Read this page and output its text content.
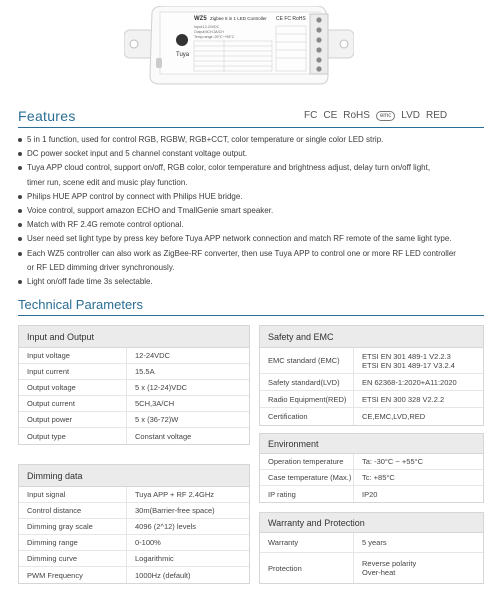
Tuya
WZ5 Zigbee 5 in 1 LED Controller
Input:12-24VDC
Output:5CH,3A/CH
Temp.range:-30°C~+55°C
CE FC RoHS
Features	FC CE RoHS	emc	LVD RED
5 in 1 function, used for control RGB, RGBW, RGB+CCT, color temperature or single color LED strip.
DC power socket input and 5 channel constant voltage output.
Tuya APP cloud control, support on/off, RGB color, color temperature and brightness adjust, delay turn on/off light,
timer run, scene edit and music play function.
Philips HUE APP control by connect with Philips HUE bridge.
Voice control, support amazon ECHO and TmallGenie smart speaker.
Match with RF 2.4G remote control optional.
User need set light type by press key before Tuya APP network connection and match RF remote of the same light type.
Each WZ5 controller can also work as ZigBee-RF converter, then use Tuya APP to control one or more RF LED controller
or RF LED dimming driver synchronously.
Light on/off fade time 3s selectable.
Technical Parameters
Input and Output
Input voltage	12-24VDC
Input current	15.5A
Output voltage	5 x (12-24)VDC
Output current	5CH,3A/CH
Output power	5 x (36-72)W
Output type	Constant voltage
Dimming data
Input signal	Tuya APP + RF 2.4GHz
Control distance	30m(Barrier-free space)
Dimming gray scale	4096 (2^12) levels
Dimming range	0-100%
Dimming curve	Logarithmic
PWM Frequency	1000Hz (default)
Safety and EMC
EMC standard (EMC)	ETSI EN 301 489-1 V2.2.3
ETSI EN 301 489-17 V3.2.4
Safety standard(LVD)	EN 62368-1:2020+A11:2020
Radio Equipment(RED)	ETSI EN 300 328 V2.2.2
Certification	CE,EMC,LVD,RED
Environment
Operation temperature	Ta: -30°C ~ +55°C
Case temperature (Max.)	Tc: +85°C
IP rating	IP20
Warranty and Protection
Warranty	5 years
Protection	Reverse polarity
Over-heat
